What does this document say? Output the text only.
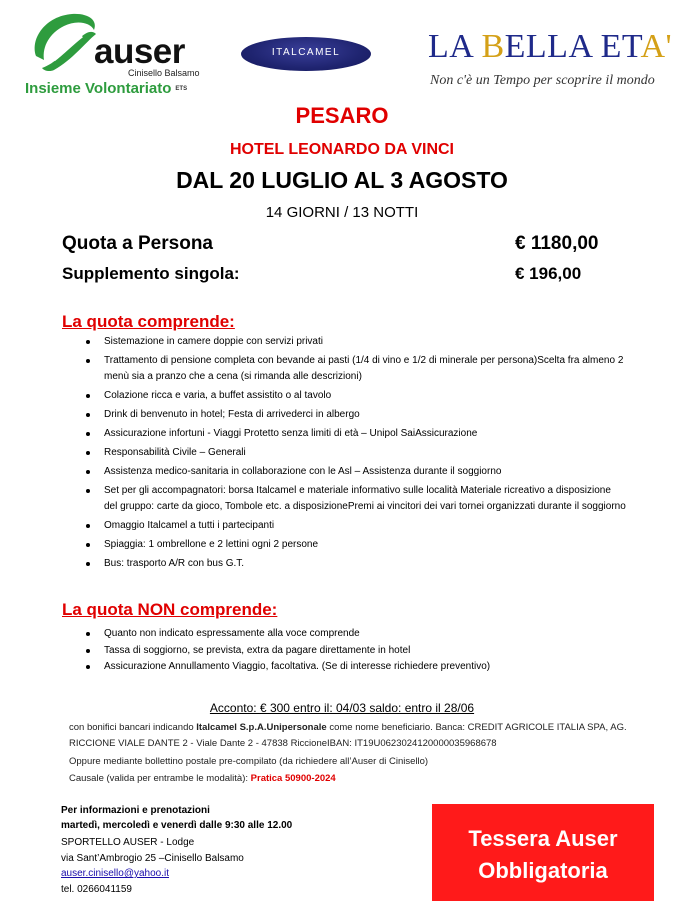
auser
Cinisello Balsamo
Insieme Volontariato ETS
ITALCAMEL	LA BELLA ETA'
Non c'è un Tempo per scoprire il mondo
PESARO
HOTEL LEONARDO DA VINCI
DAL 20 LUGLIO AL 3 AGOSTO
14 GIORNI / 13 NOTTI
Quota a Persona	€ 1180,00
Supplemento singola:	€ 196,00
La quota comprende:
Sistemazione in camere doppie con servizi privati
Trattamento di pensione completa con bevande ai pasti (1/4 di vino e 1/2 di minerale per persona)Scelta fra almeno 2 menù sia a pranzo che a cena (si rimanda alle descrizioni)
Colazione ricca e varia, a buffet assistito o al tavolo
Drink di benvenuto in hotel; Festa di arrivederci in albergo
Assicurazione infortuni - Viaggi Protetto senza limiti di età – Unipol SaiAssicurazione
Responsabilità Civile – Generali
Assistenza medico-sanitaria in collaborazione con le Asl – Assistenza durante il soggiorno
Set per gli accompagnatori: borsa Italcamel e materiale informativo sulle località Materiale ricreativo a disposizione del gruppo: carte da gioco, Tombole etc. a disposizionePremi ai vincitori dei vari tornei organizzati durante il soggiorno
Omaggio Italcamel a tutti i partecipanti
Spiaggia: 1 ombrellone e 2 lettini ogni 2 persone
Bus: trasporto A/R con bus G.T.
La quota NON comprende:
Quanto non indicato espressamente alla voce comprende
Tassa di soggiorno, se prevista, extra da pagare direttamente in hotel
Assicurazione Annullamento Viaggio, facoltativa. (Se di interesse richiedere preventivo)
Acconto: € 300 entro il: 04/03 saldo: entro il 28/06
con bonifici bancari indicando Italcamel S.p.A.Unipersonale come nome beneficiario. Banca: CREDIT AGRICOLE ITALIA SPA, AG. RICCIONE VIALE DANTE 2 - Viale Dante 2 - 47838 RiccioneIBAN: IT19U0623024120000035968678
Oppure mediante bollettino postale pre-compilato (da richiedere all’Auser di Cinisello)
Causale (valida per entrambe le modalità): Pratica 50900-2024
Per informazioni e prenotazioni
martedì, mercoledì e venerdì dalle 9:30 alle 12.00
SPORTELLO AUSER - Lodge
via Sant’Ambrogio 25 –Cinisello Balsamo
auser.cinisello@yahoo.it
tel. 0266041159
Tessera Auser
Obbligatoria
